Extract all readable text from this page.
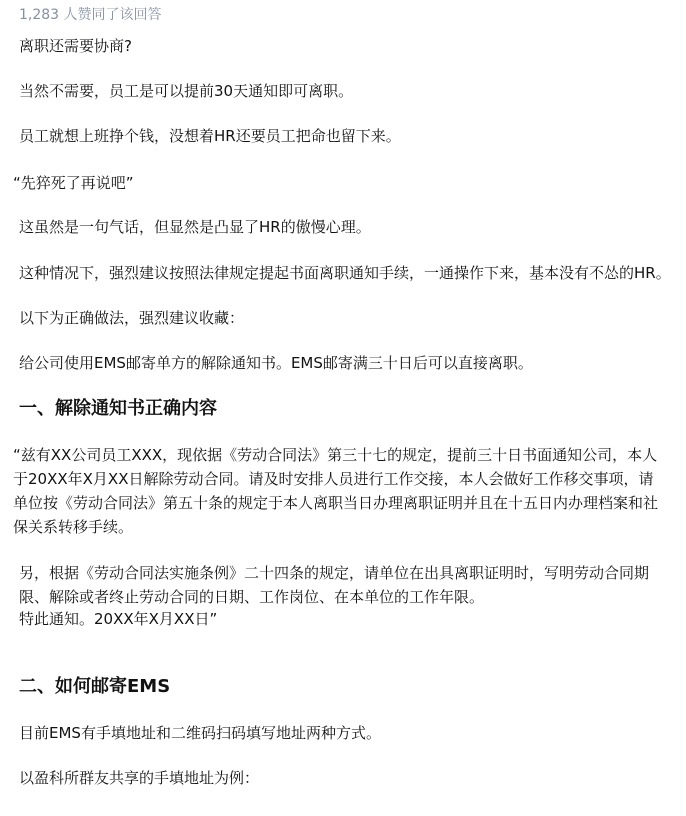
1,283 人赞同了该回答

离职还需要协商?

当然不需要，员工是可以提前30天通知即可离职。

员工就想上班挣个钱，没想着HR还要员工把命也留下来。

“先猝死了再说吧”

这虽然是一句气话，但显然是凸显了HR的傲慢心理。

这种情况下，强烈建议按照法律规定提起书面离职通知手续，一通操作下来，基本没有不怂的HR。

以下为正确做法，强烈建议收藏：

给公司使用EMS邮寄单方的解除通知书。EMS邮寄满三十日后可以直接离职。

一、解除通知书正确内容

“兹有XX公司员工XXX，现依据《劳动合同法》第三十七的规定，提前三十日书面通知公司，本人于20XX年X月XX日解除劳动合同。请及时安排人员进行工作交接，本人会做好工作移交事项，请单位按《劳动合同法》第五十条的规定于本人离职当日办理离职证明并且在十五日内办理档案和社保关系转移手续。

另，根据《劳动合同法实施条例》二十四条的规定，请单位在出具离职证明时，写明劳动合同期限、解除或者终止劳动合同的日期、工作岗位、在本单位的工作年限。

特此通知。20XX年X月XX日”

二、如何邮寄EMS

目前EMS有手填地址和二维码扫码填写地址两种方式。

以盈科所群友共享的手填地址为例：
